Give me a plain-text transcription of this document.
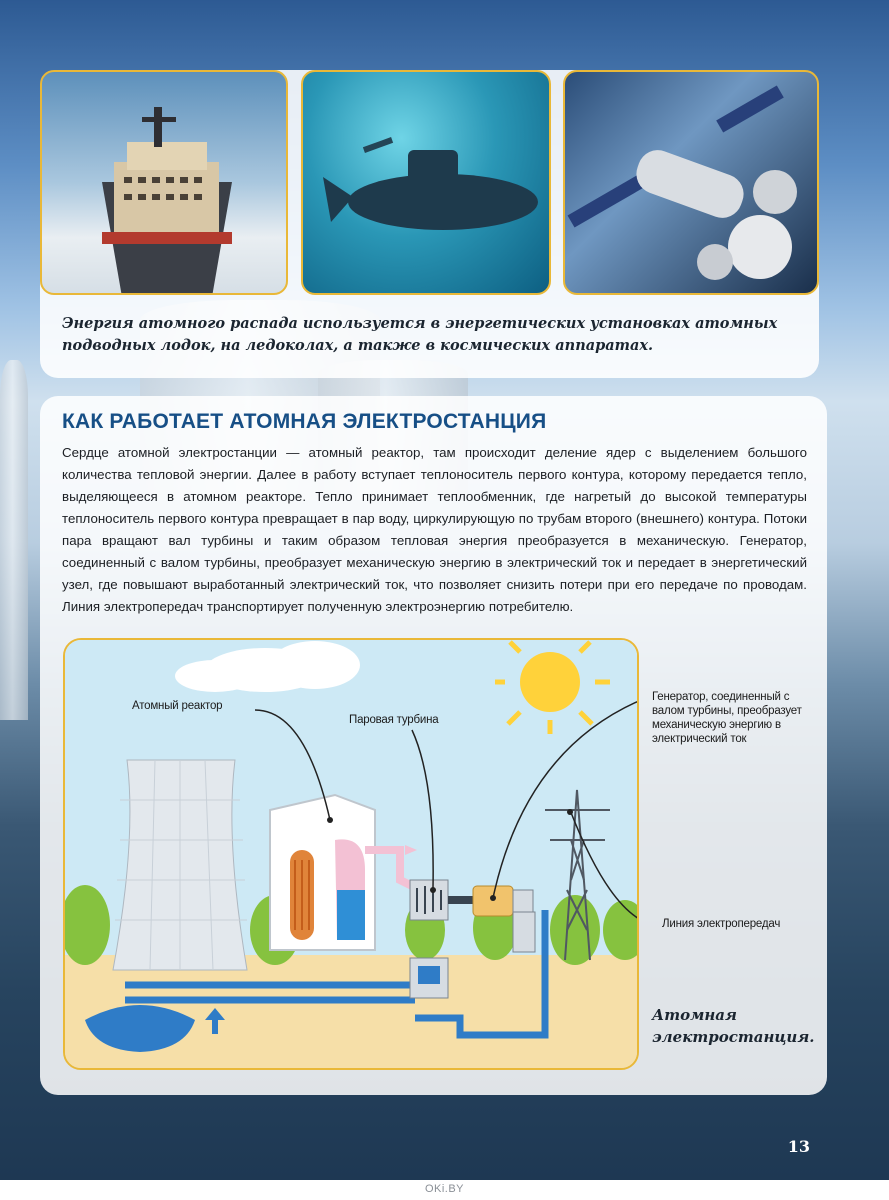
Энергия атомного распада используется в энергетических установках атомных подводных лодок, на ледоколах, а также в космических аппаратах.

КАК РАБОТАЕТ АТОМНАЯ ЭЛЕКТРОСТАНЦИЯ

Сердце атомной электростанции — атомный реактор, там происходит деление ядер с выделением большого количества тепловой энергии. Далее в работу вступает теплоноситель первого контура, которому передается тепло, выделяющееся в атомном реакторе. Тепло принимает теплообменник, где нагретый до высокой температуры теплоноситель первого контура превращает в пар воду, циркулирующую по трубам второго (внешнего) контура. Потоки пара вращают вал турбины и таким образом тепловая энергия преобразуется в механическую. Генератор, соединенный с валом турбины, преобразует механическую энергию в электрический ток и передает в энергетический узел, где повышают выработанный электрический ток, что позволяет снизить потери при его передаче по проводам. Линия электропередач транспортирует полученную электроэнергию потребителю.

Атомный реактор
Паровая турбина
Генератор, соединенный с валом турбины, преобразует механическую энергию в электрический ток
Линия электропередач

Атомная электростанция.

13
OKi.BY
